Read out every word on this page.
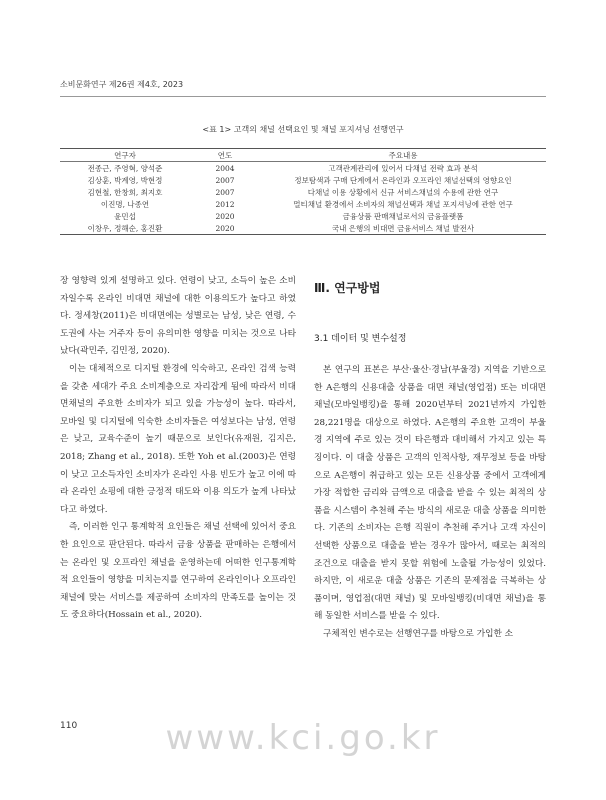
소비문화연구 제26권 제4호, 2023
<표 1> 고객의 채널 선택요인 및 채널 포지셔닝 선행연구
연구자	연도	주요내용
전종근, 주영혁, 양석준	2004	고객관계관리에 있어서 다채널 전략 효과 분석
김상훈, 박계영, 박현정	2007	정보탐색과 구매 단계에서 온라인과 오프라인 채널선택의 영향요인
김현철, 한창희, 최지호	2007	다채널 이용 상황에서 신규 서비스채널의 수용에 관한 연구
이진명, 나종연	2012	멀티채널 환경에서 소비자의 채널선택과 채널 포지셔닝에 관한 연구
윤민섭	2020	금융상품 판매채널로서의 금융플랫폼
이창우, 정해순, 홍진환	2020	국내 은행의 비대면 금융서비스 채널 발전사

장 영향력 있게 설명하고 있다. 연령이 낮고, 소득이 높은 소비자일수록 온라인 비대면 채널에 대한 이용의도가 높다고 하였다. 정세창(2011)은 비대면에는 성별로는 남성, 낮은 연령, 수도권에 사는 거주자 등이 유의미한 영향을 미치는 것으로 나타났다(곽민주, 김민정, 2020).

이는 대체적으로 디지털 환경에 익숙하고, 온라인 검색 능력을 갖춘 세대가 주요 소비계층으로 자리잡게 됨에 따라서 비대면채널의 주요한 소비자가 되고 있을 가능성이 높다. 따라서, 모바일 및 디지털에 익숙한 소비자들은 여성보다는 남성, 연령은 낮고, 교육수준이 높기 때문으로 보인다(유재원, 김지은, 2018; Zhang et al., 2018). 또한 Yoh et al.(2003)은 연령이 낮고 고소득자인 소비자가 온라인 사용 빈도가 높고 이에 따라 온라인 쇼핑에 대한 긍정적 태도와 이용 의도가 높게 나타났다고 하였다.

즉, 이러한 인구 통계학적 요인들은 채널 선택에 있어서 중요한 요인으로 판단된다. 따라서 금융 상품을 판매하는 은행에서는 온라인 및 오프라인 채널을 운영하는데 어떠한 인구통계학적 요인들이 영향을 미치는지를 연구하여 온라인이나 오프라인 채널에 맞는 서비스를 제공하여 소비자의 만족도를 높이는 것도 중요하다(Hossain et al., 2020).

Ⅲ. 연구방법
3.1 데이터 및 변수설정

본 연구의 표본은 부산·울산·경남(부울경) 지역을 기반으로 한 A은행의 신용대출 상품을 대면 채널(영업점) 또는 비대면 채널(모바일뱅킹)을 통해 2020년부터 2021년까지 가입한 28,221명을 대상으로 하였다. A은행의 주요한 고객이 부울경 지역에 주로 있는 것이 타은행과 대비해서 가지고 있는 특징이다. 이 대출 상품은 고객의 인적사항, 재무정보 등을 바탕으로 A은행이 취급하고 있는 모든 신용상품 중에서 고객에게 가장 적합한 금리와 금액으로 대출을 받을 수 있는 최적의 상품을 시스템이 추천해 주는 방식의 새로운 대출 상품을 의미한다. 기존의 소비자는 은행 직원이 추천해 주거나 고객 자신이 선택한 상품으로 대출을 받는 경우가 많아서, 때로는 최적의 조건으로 대출을 받지 못할 위험에 노출될 가능성이 있었다. 하지만, 이 새로운 대출 상품은 기존의 문제점을 극복하는 상품이며, 영업점(대면 채널) 및 모바일뱅킹(비대면 채널)을 통해 동일한 서비스를 받을 수 있다.

구체적인 변수로는 선행연구를 바탕으로 가입한 소

110	www.kci.go.kr
